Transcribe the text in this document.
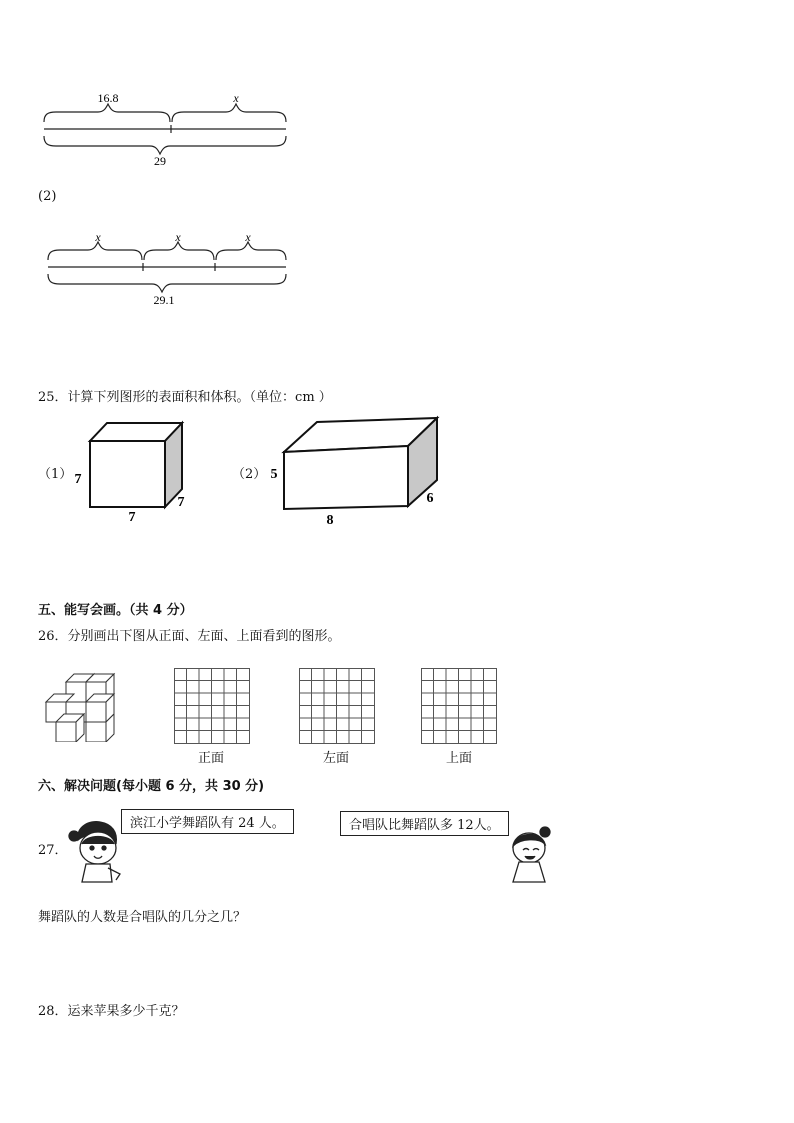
16.8	x
29
(2)
x	x	x
29.1
25．计算下列图形的表面积和体积。（单位：cm ）
（1） 7
7
7
（2） 5
8
6
五、能写会画。（共 4 分）
26．分别画出下图从正面、左面、上面看到的图形。
正面	左面	上面
六、解决问题(每小题 6 分，共 30 分)
27．
滨江小学舞蹈队有 24 人。	合唱队比舞蹈队多 12人。
舞蹈队的人数是合唱队的几分之几？
28．运来苹果多少千克？
